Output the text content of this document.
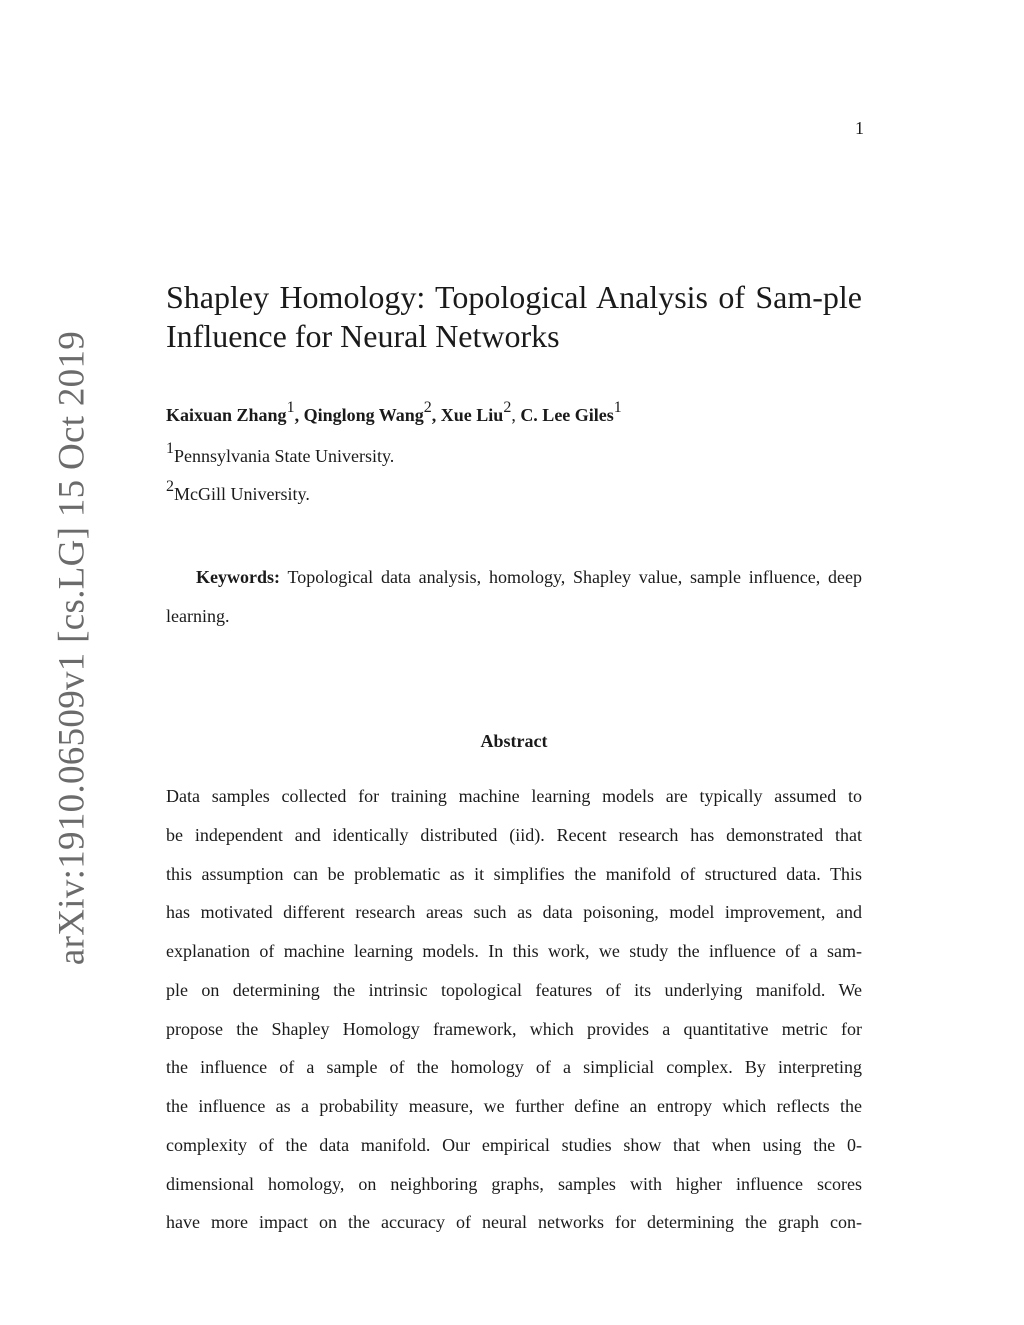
1
arXiv:1910.06509v1 [cs.LG] 15 Oct 2019
Shapley Homology: Topological Analysis of Sam-ple Influence for Neural Networks
Kaixuan Zhang$^1$, Qinglong Wang$^2$, Xue Liu$^2$, C. Lee Giles$^1$
$^1$Pennsylvania State University.
$^2$McGill University.

Keywords: Topological data analysis, homology, Shapley value, sample influence, deep learning.

Abstract
Data samples collected for training machine learning models are typically assumed to
be independent and identically distributed (iid). Recent research has demonstrated that
this assumption can be problematic as it simplifies the manifold of structured data. This
has motivated different research areas such as data poisoning, model improvement, and
explanation of machine learning models. In this work, we study the influence of a sam-
ple on determining the intrinsic topological features of its underlying manifold. We
propose the Shapley Homology framework, which provides a quantitative metric for
the influence of a sample of the homology of a simplicial complex. By interpreting
the influence as a probability measure, we further define an entropy which reflects the
complexity of the data manifold. Our empirical studies show that when using the 0-
dimensional homology, on neighboring graphs, samples with higher influence scores
have more impact on the accuracy of neural networks for determining the graph con-
